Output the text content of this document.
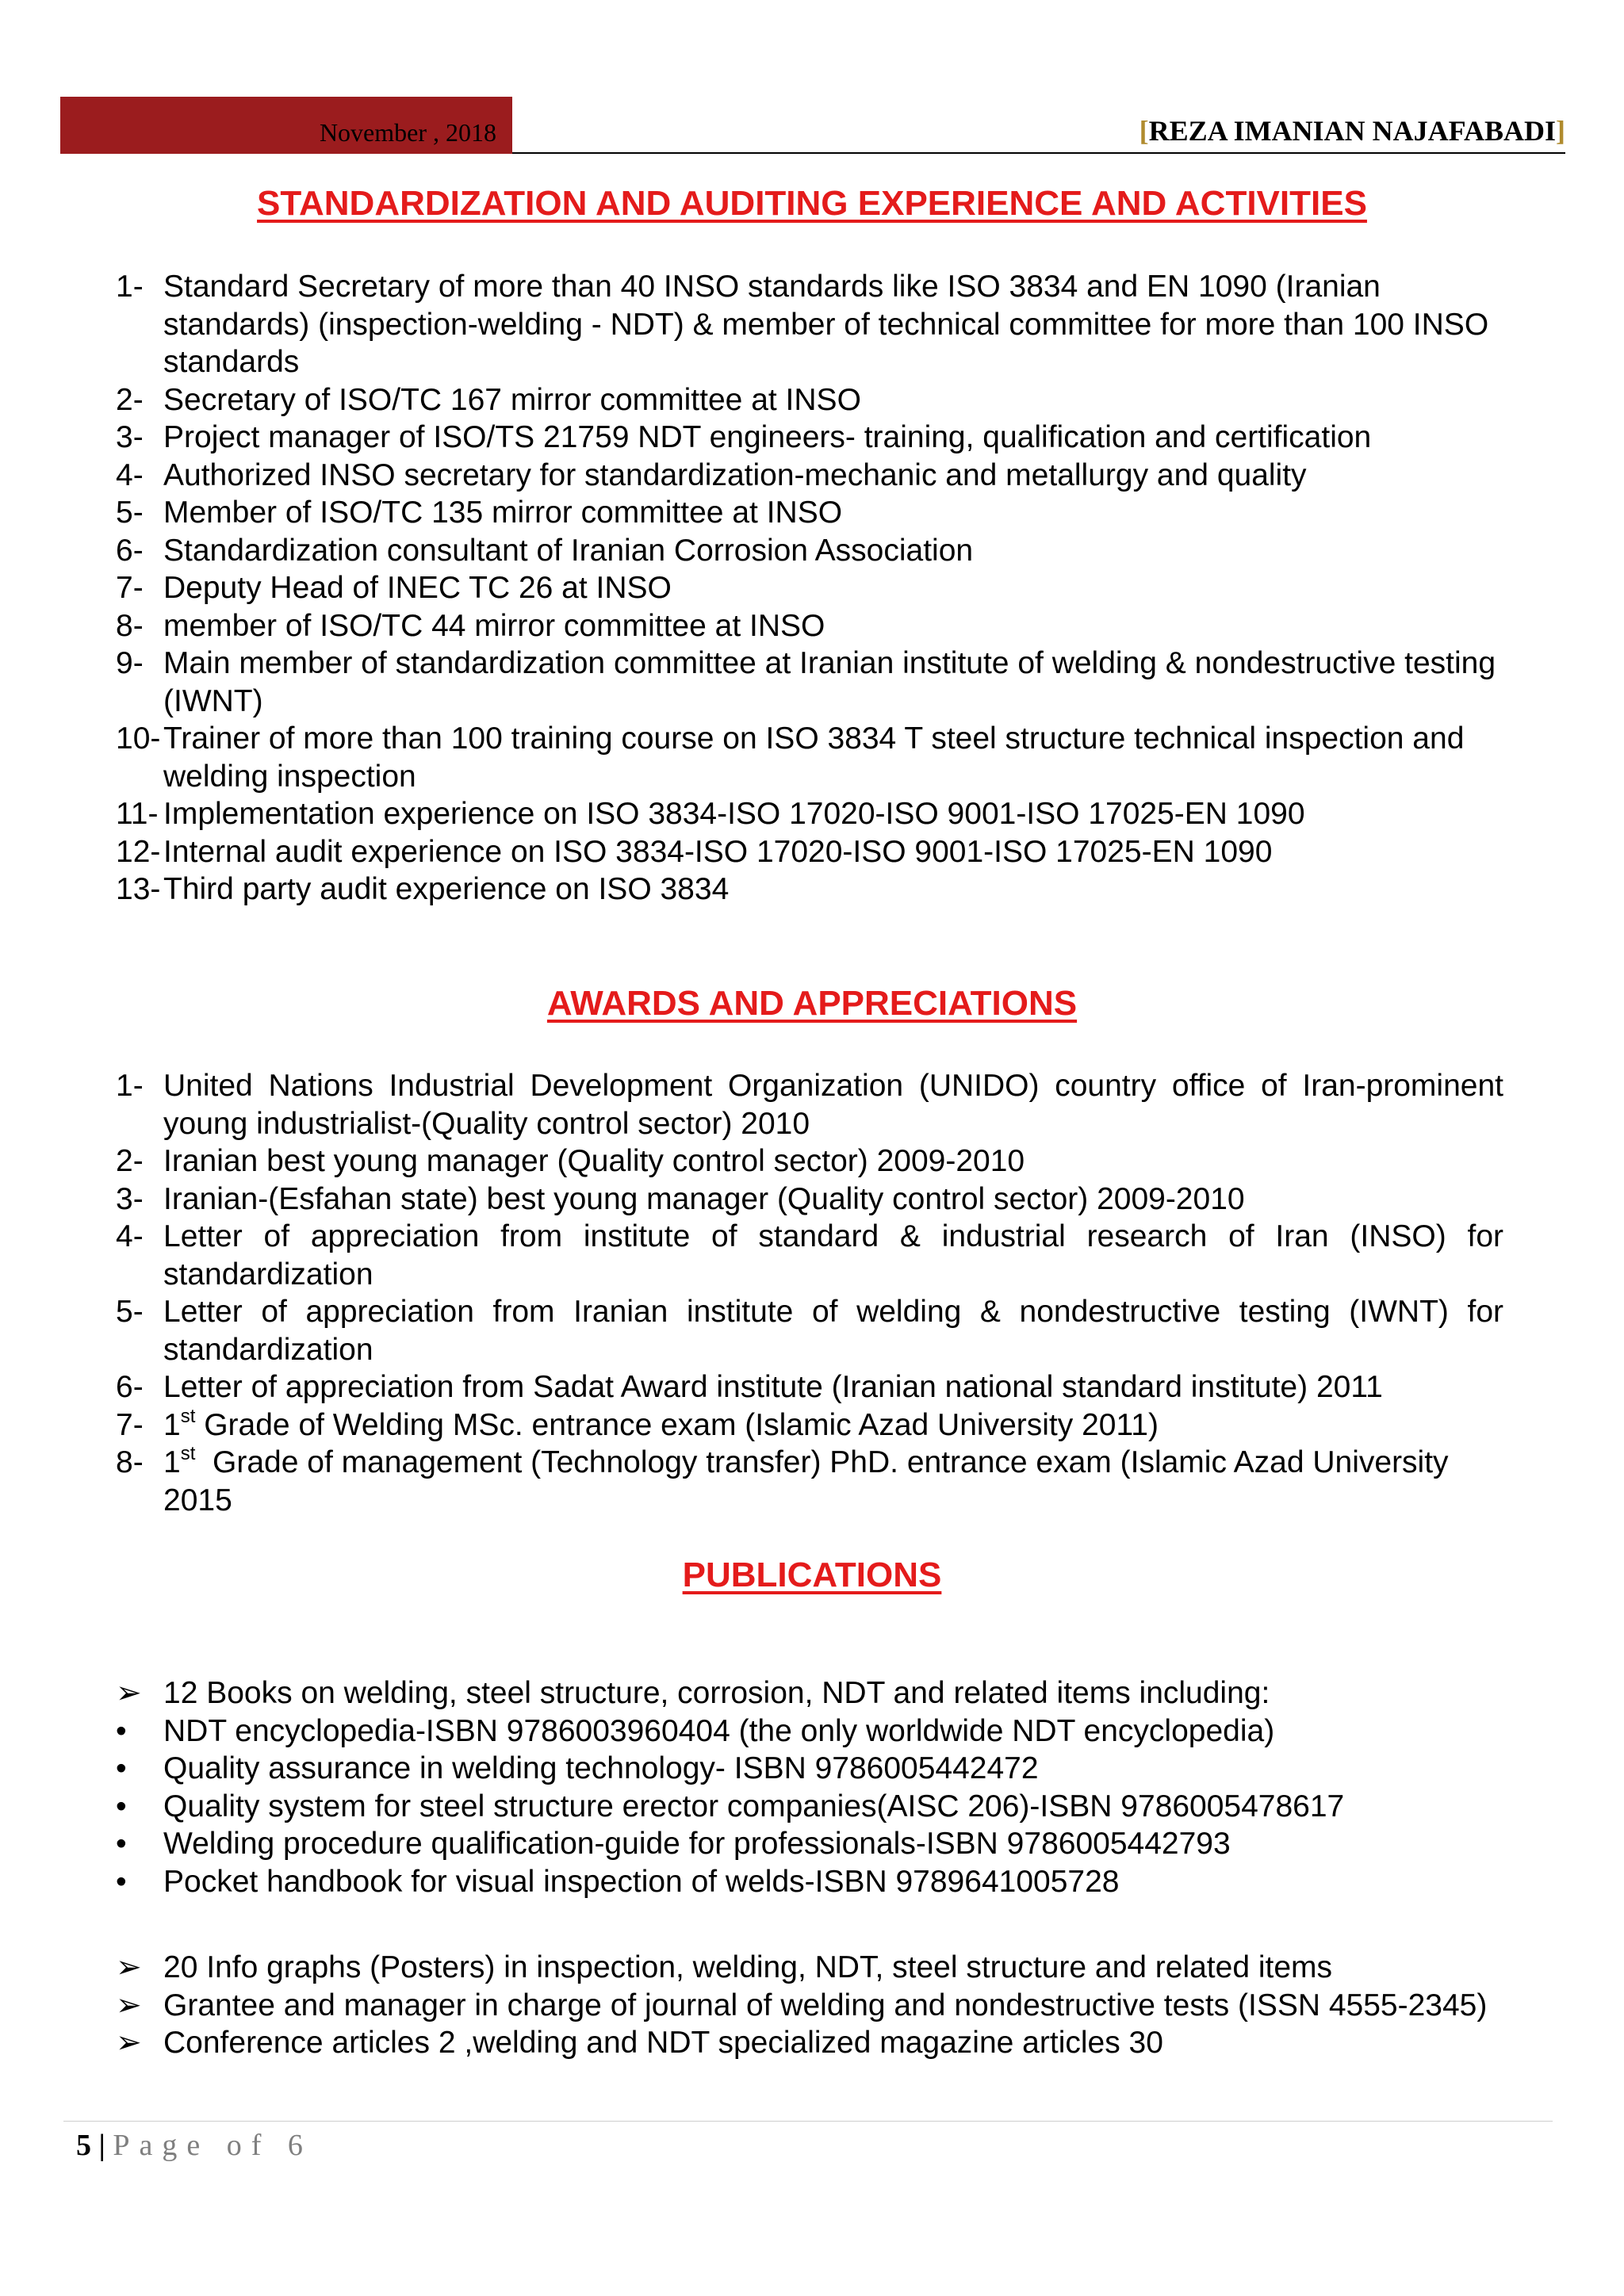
November , 2018	[REZA IMANIAN NAJAFABADI]
STANDARDIZATION AND AUDITING EXPERIENCE AND ACTIVITIES
1- Standard Secretary of more than 40 INSO standards like ISO 3834 and EN 1090 (Iranian standards) (inspection-welding - NDT) & member of technical committee for more than 100 INSO standards
2- Secretary of ISO/TC 167 mirror committee at INSO
3- Project manager of ISO/TS 21759 NDT engineers- training, qualification and certification
4- Authorized INSO secretary for standardization-mechanic and metallurgy and quality
5- Member of ISO/TC 135 mirror committee at INSO
6- Standardization consultant of Iranian Corrosion Association
7- Deputy Head of INEC TC 26 at INSO
8- member of ISO/TC 44 mirror committee at INSO
9- Main member of standardization committee at Iranian institute of welding & nondestructive testing (IWNT)
10- Trainer of more than 100 training course on ISO 3834 T steel structure technical inspection and welding inspection
11- Implementation experience on ISO 3834-ISO 17020-ISO 9001-ISO 17025-EN 1090
12- Internal audit experience on ISO 3834-ISO 17020-ISO 9001-ISO 17025-EN 1090
13- Third party audit experience on ISO 3834
AWARDS AND APPRECIATIONS
1- United Nations Industrial Development Organization (UNIDO) country office of Iran-prominent young industrialist-(Quality control sector) 2010
2- Iranian best young manager (Quality control sector) 2009-2010
3- Iranian-(Esfahan state) best young manager (Quality control sector) 2009-2010
4- Letter of appreciation from institute of standard & industrial research of Iran (INSO) for standardization
5- Letter of appreciation from Iranian institute of welding & nondestructive testing (IWNT) for standardization
6- Letter of appreciation from Sadat Award institute (Iranian national standard institute) 2011
7- 1st Grade of Welding MSc. entrance exam (Islamic Azad University 2011)
8- 1st  Grade of management (Technology transfer) PhD. entrance exam (Islamic Azad University 2015
PUBLICATIONS
➢ 12 Books on welding, steel structure, corrosion, NDT and related items including:
• NDT encyclopedia-ISBN 9786003960404 (the only worldwide NDT encyclopedia)
• Quality assurance in welding technology- ISBN 9786005442472
• Quality system for steel structure erector companies(AISC 206)-ISBN 9786005478617
• Welding procedure qualification-guide for professionals-ISBN 9786005442793
• Pocket handbook for visual inspection of welds-ISBN 9789641005728
➢ 20 Info graphs (Posters) in inspection, welding, NDT, steel structure and related items
➢ Grantee and manager in charge of journal of welding and nondestructive tests (ISSN 4555-2345)
➢ Conference articles 2 ,welding and NDT specialized magazine articles 30
5 | Page of 6
